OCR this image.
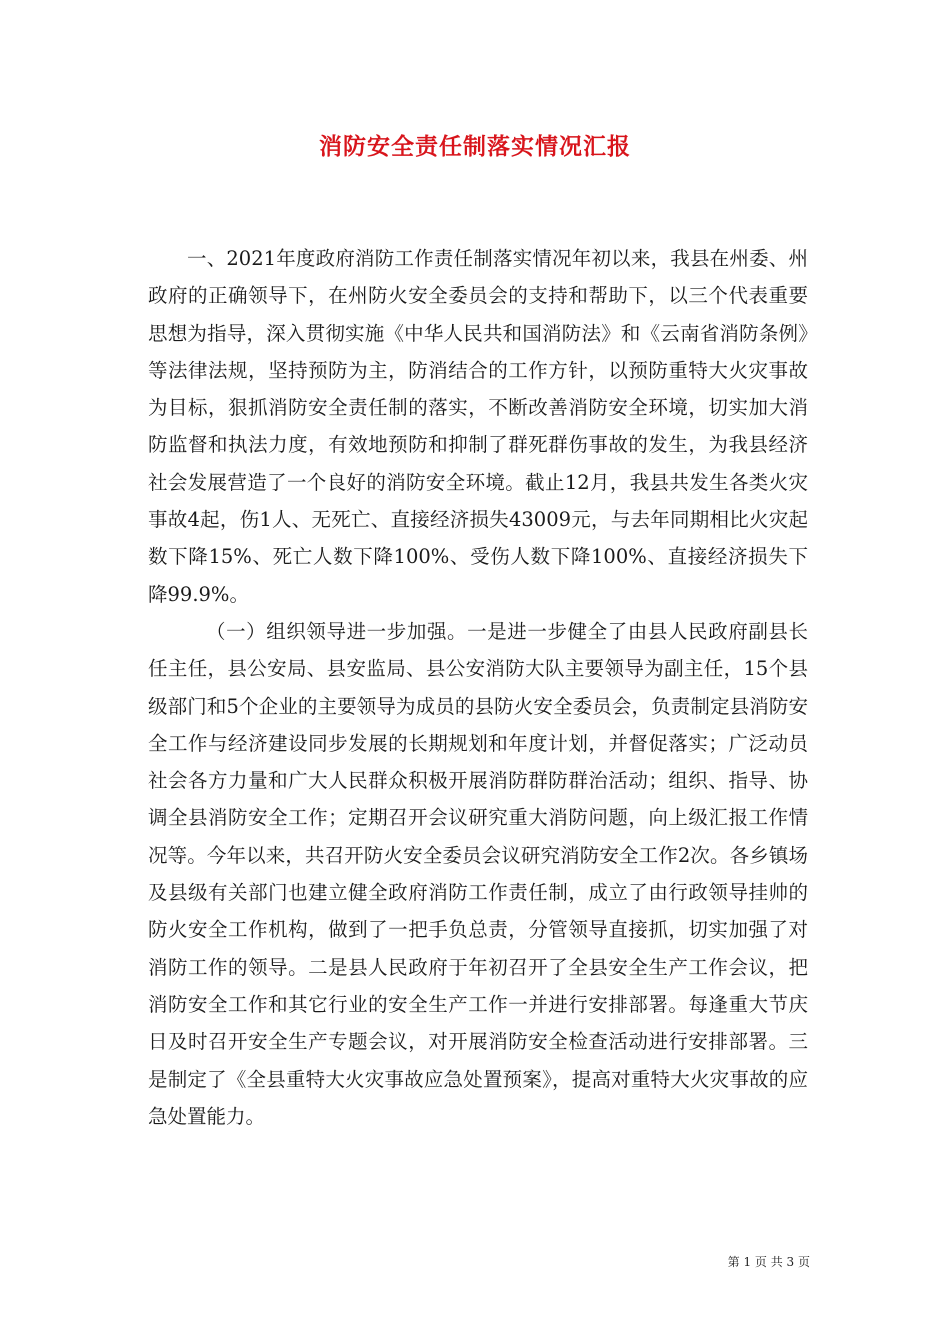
消防安全责任制落实情况汇报

一、2021年度政府消防工作责任制落实情况年初以来，我县在州委、州政府的正确领导下，在州防火安全委员会的支持和帮助下，以三个代表重要思想为指导，深入贯彻实施《中华人民共和国消防法》和《云南省消防条例》等法律法规，坚持预防为主，防消结合的工作方针，以预防重特大火灾事故为目标，狠抓消防安全责任制的落实，不断改善消防安全环境，切实加大消防监督和执法力度，有效地预防和抑制了群死群伤事故的发生，为我县经济社会发展营造了一个良好的消防安全环境。截止12月，我县共发生各类火灾事故4起，伤1人、无死亡、直接经济损失43009元，与去年同期相比火灾起数下降15%、死亡人数下降100%、受伤人数下降100%、直接经济损失下降99.9%。

（一）组织领导进一步加强。一是进一步健全了由县人民政府副县长任主任，县公安局、县安监局、县公安消防大队主要领导为副主任，15个县级部门和5个企业的主要领导为成员的县防火安全委员会，负责制定县消防安全工作与经济建设同步发展的长期规划和年度计划，并督促落实；广泛动员社会各方力量和广大人民群众积极开展消防群防群治活动；组织、指导、协调全县消防安全工作；定期召开会议研究重大消防问题，向上级汇报工作情况等。今年以来，共召开防火安全委员会议研究消防安全工作2次。各乡镇场及县级有关部门也建立健全政府消防工作责任制，成立了由行政领导挂帅的防火安全工作机构，做到了一把手负总责，分管领导直接抓，切实加强了对消防工作的领导。二是县人民政府于年初召开了全县安全生产工作会议，把消防安全工作和其它行业的安全生产工作一并进行安排部署。每逢重大节庆日及时召开安全生产专题会议，对开展消防安全检查活动进行安排部署。三是制定了《全县重特大火灾事故应急处置预案》，提高对重特大火灾事故的应急处置能力。

第 1 页 共 3 页
